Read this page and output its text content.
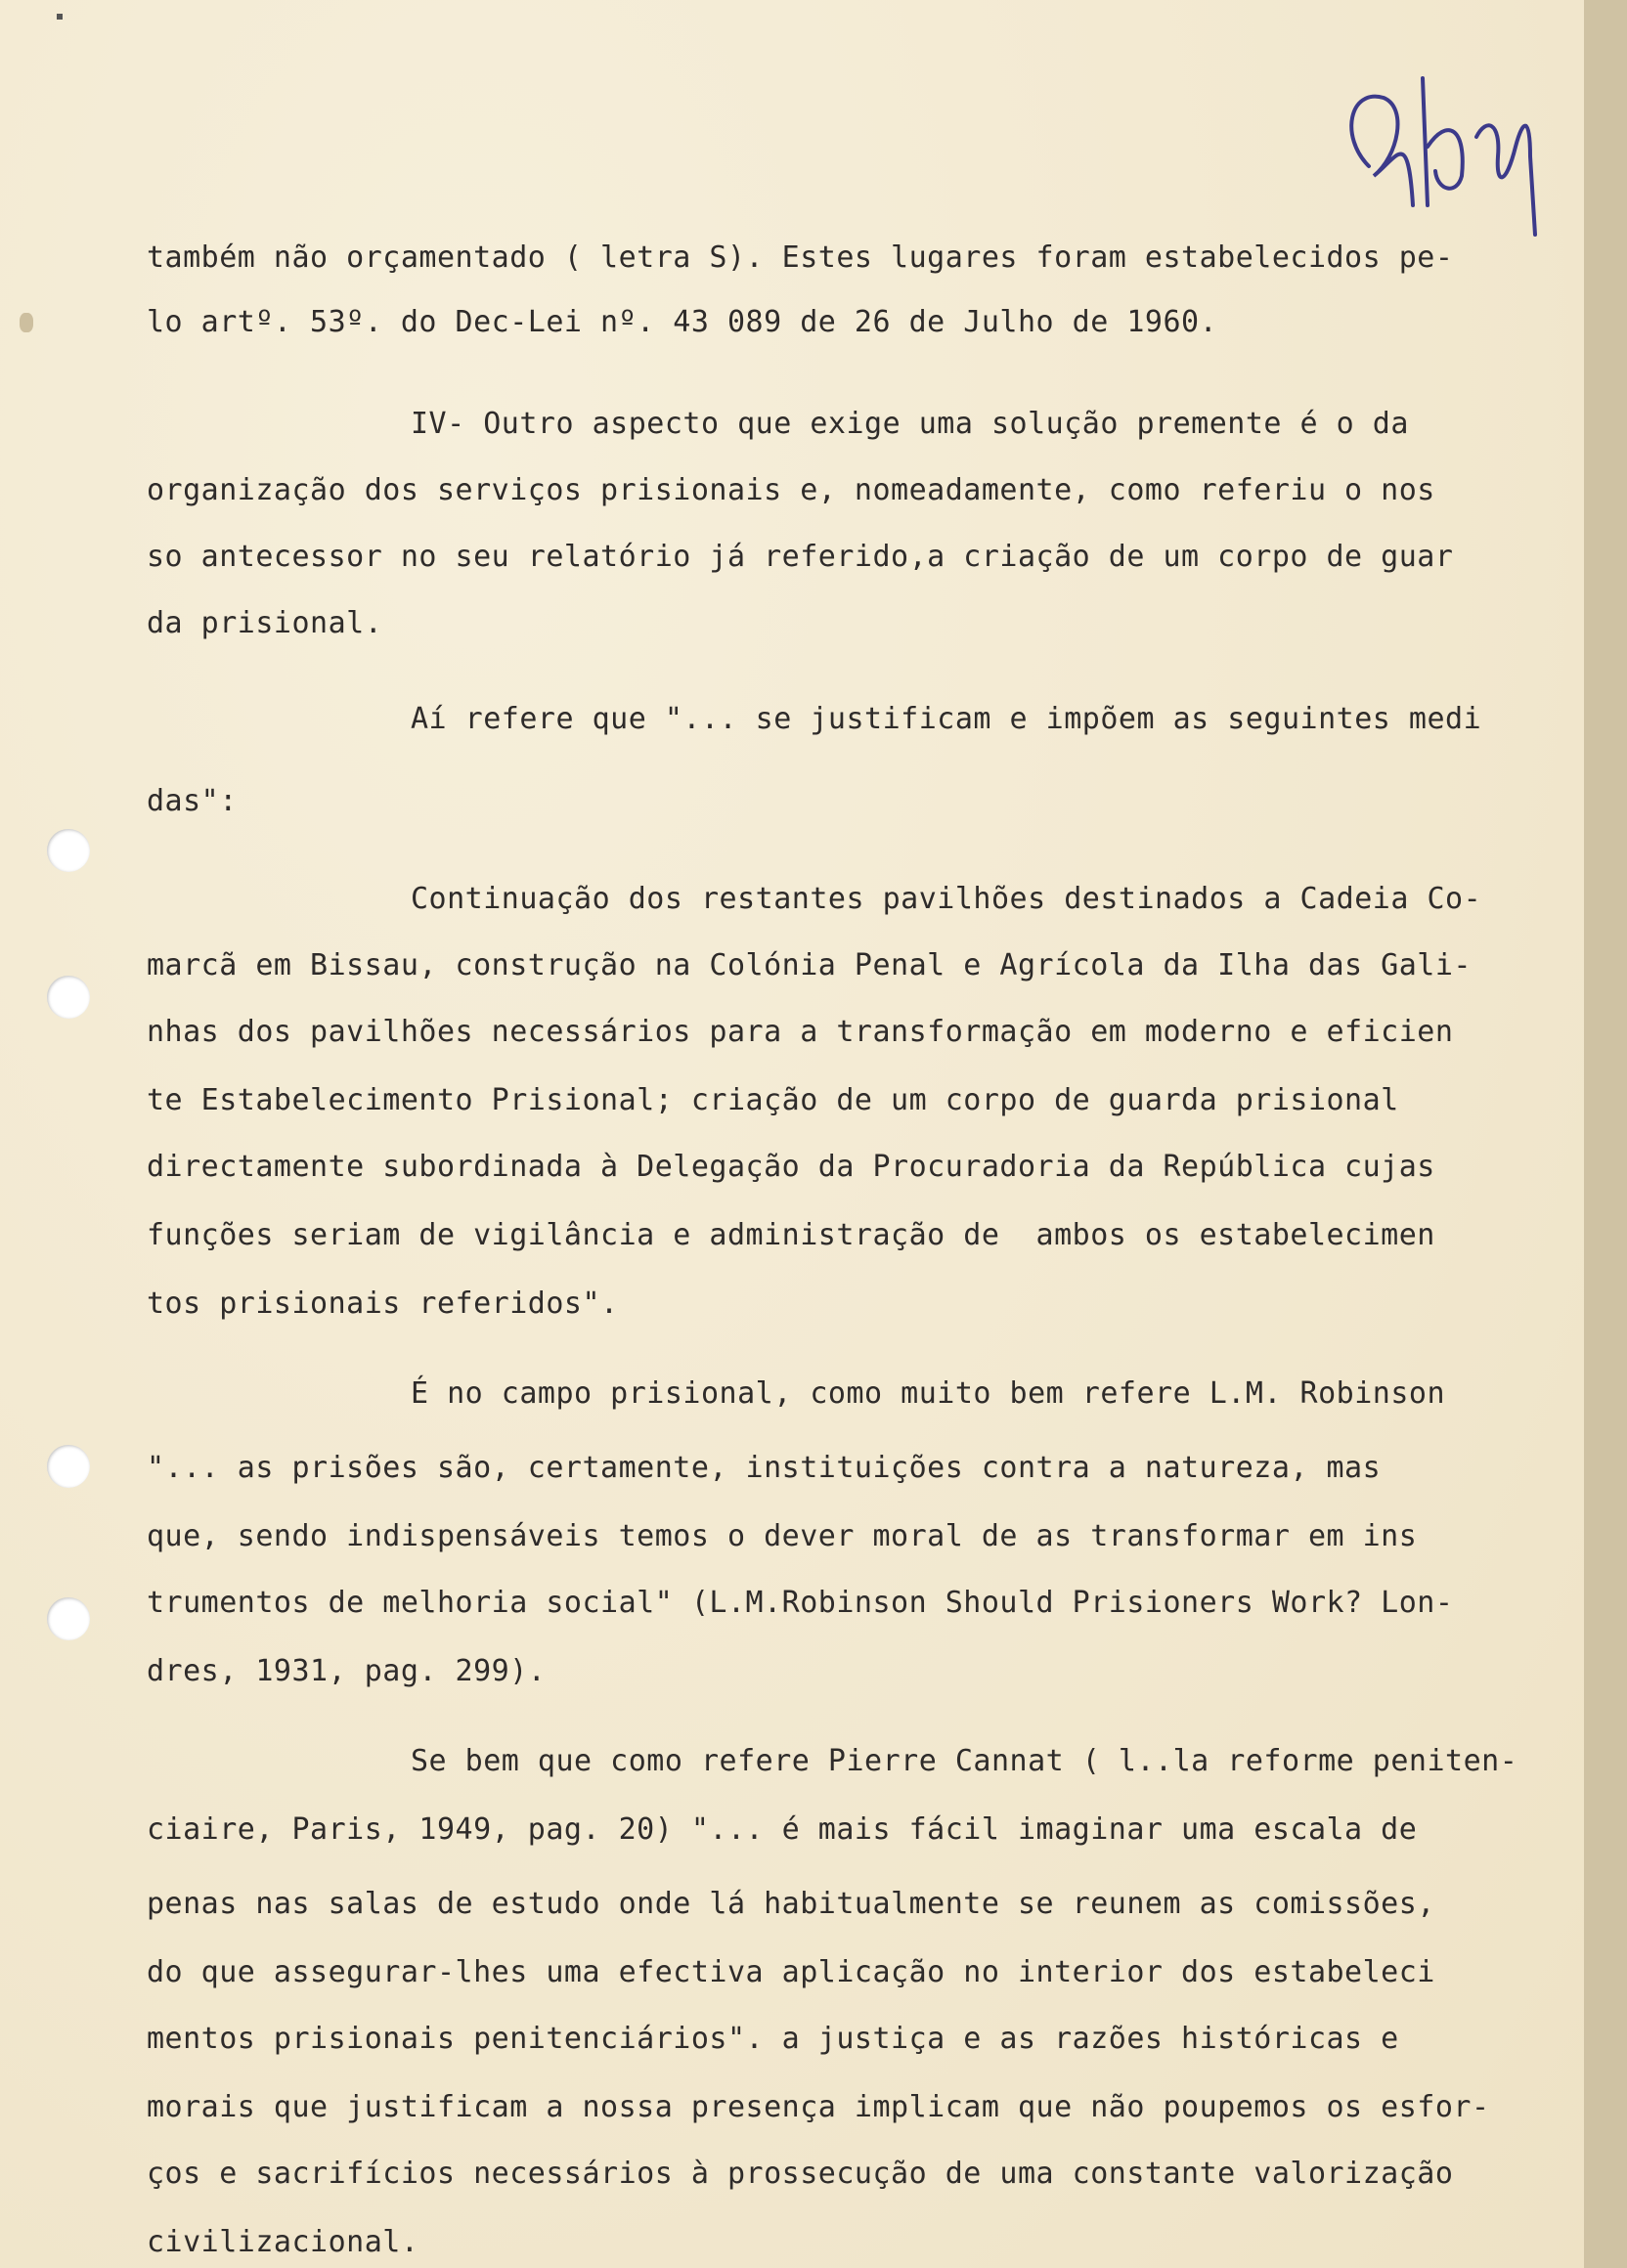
também não orçamentado ( letra S). Estes lugares foram estabelecidos pe-
lo artº. 53º. do Dec-Lei nº. 43 089 de 26 de Julho de 1960.
IV- Outro aspecto que exige uma solução premente é o da
organização dos serviços prisionais e, nomeadamente, como referiu o nos
so antecessor no seu relatório já referido,a criação de um corpo de guar
da prisional.
Aí refere que "... se justificam e impõem as seguintes medi
das":
Continuação dos restantes pavilhões destinados a Cadeia Co-
marcã em Bissau, construção na Colónia Penal e Agrícola da Ilha das Gali-
nhas dos pavilhões necessários para a transformação em moderno e eficien
te Estabelecimento Prisional; criação de um corpo de guarda prisional
directamente subordinada à Delegação da Procuradoria da República cujas
funções seriam de vigilância e administração de  ambos os estabelecimen
tos prisionais referidos".
É no campo prisional, como muito bem refere L.M. Robinson
"... as prisões são, certamente, instituições contra a natureza, mas
que, sendo indispensáveis temos o dever moral de as transformar em ins
trumentos de melhoria social" (L.M.Robinson Should Prisioners Work? Lon-
dres, 1931, pag. 299).
Se bem que como refere Pierre Cannat ( l..la reforme peniten-
ciaire, Paris, 1949, pag. 20) "... é mais fácil imaginar uma escala de
penas nas salas de estudo onde lá habitualmente se reunem as comissões,
do que assegurar-lhes uma efectiva aplicação no interior dos estabeleci
mentos prisionais penitenciários". a justiça e as razões históricas e
morais que justificam a nossa presença implicam que não poupemos os esfor-
ços e sacrifícios necessários à prossecução de uma constante valorização
civilizacional.
